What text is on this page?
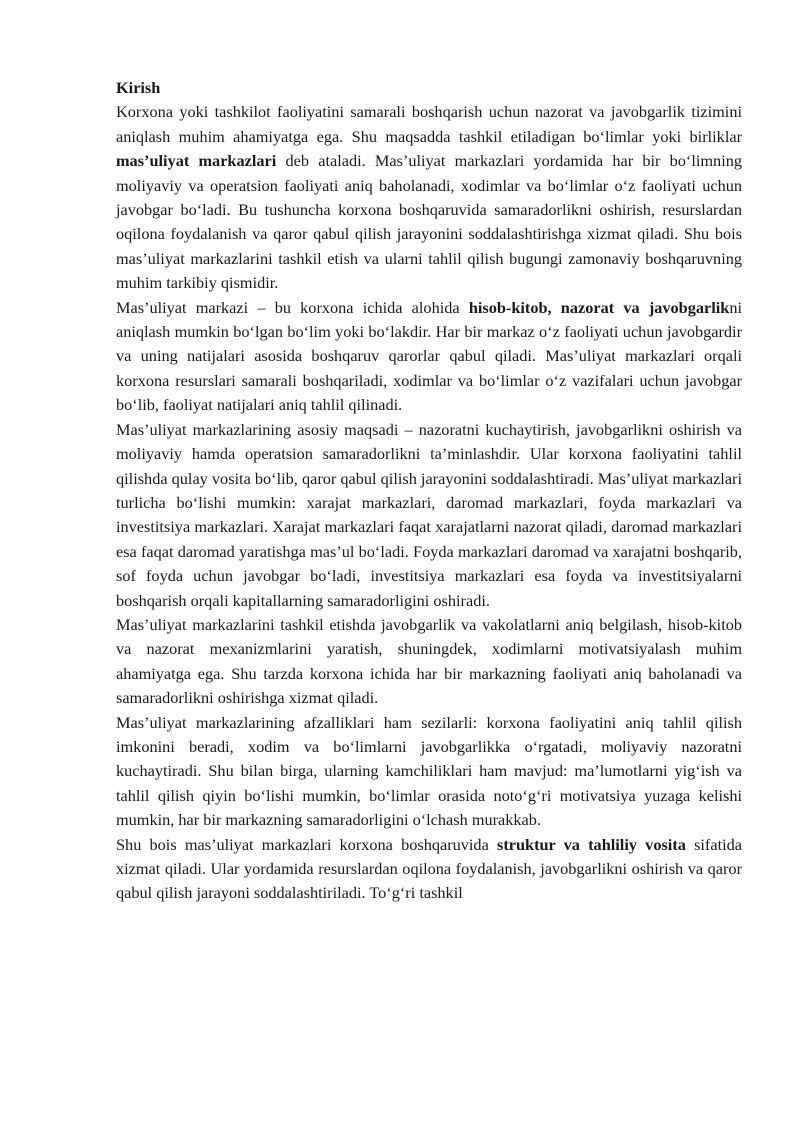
Kirish

Korxona yoki tashkilot faoliyatini samarali boshqarish uchun nazorat va javobgarlik tizimini aniqlash muhim ahamiyatga ega. Shu maqsadda tashkil etiladigan bo‘limlar yoki birliklar mas’uliyat markazlari deb ataladi. Mas’uliyat markazlari yordamida har bir bo‘limning moliyaviy va operatsion faoliyati aniq baholanadi, xodimlar va bo‘limlar o‘z faoliyati uchun javobgar bo‘ladi. Bu tushuncha korxona boshqaruvida samaradorlikni oshirish, resurslardan oqilona foydalanish va qaror qabul qilish jarayonini soddalashtirishga xizmat qiladi. Shu bois mas’uliyat markazlarini tashkil etish va ularni tahlil qilish bugungi zamonaviy boshqaruvning muhim tarkibiy qismidir.

Mas’uliyat markazi – bu korxona ichida alohida hisob-kitob, nazorat va javobgarlikni aniqlash mumkin bo‘lgan bo‘lim yoki bo‘lakdir. Har bir markaz o‘z faoliyati uchun javobgardir va uning natijalari asosida boshqaruv qarorlar qabul qiladi. Mas’uliyat markazlari orqali korxona resurslari samarali boshqariladi, xodimlar va bo‘limlar o‘z vazifalari uchun javobgar bo‘lib, faoliyat natijalari aniq tahlil qilinadi.

Mas’uliyat markazlarining asosiy maqsadi – nazoratni kuchaytirish, javobgarlikni oshirish va moliyaviy hamda operatsion samaradorlikni ta’minlashdir. Ular korxona faoliyatini tahlil qilishda qulay vosita bo‘lib, qaror qabul qilish jarayonini soddalashtiradi. Mas’uliyat markazlari turlicha bo‘lishi mumkin: xarajat markazlari, daromad markazlari, foyda markazlari va investitsiya markazlari. Xarajat markazlari faqat xarajatlarni nazorat qiladi, daromad markazlari esa faqat daromad yaratishga mas’ul bo‘ladi. Foyda markazlari daromad va xarajatni boshqarib, sof foyda uchun javobgar bo‘ladi, investitsiya markazlari esa foyda va investitsiyalarni boshqarish orqali kapitallarning samaradorligini oshiradi.

Mas’uliyat markazlarini tashkil etishda javobgarlik va vakolatlarni aniq belgilash, hisob-kitob va nazorat mexanizmlarini yaratish, shuningdek, xodimlarni motivatsiyalash muhim ahamiyatga ega. Shu tarzda korxona ichida har bir markazning faoliyati aniq baholanadi va samaradorlikni oshirishga xizmat qiladi.

Mas’uliyat markazlarining afzalliklari ham sezilarli: korxona faoliyatini aniq tahlil qilish imkonini beradi, xodim va bo‘limlarni javobgarlikka o‘rgatadi, moliyaviy nazoratni kuchaytiradi. Shu bilan birga, ularning kamchiliklari ham mavjud: ma’lumotlarni yig‘ish va tahlil qilish qiyin bo‘lishi mumkin, bo‘limlar orasida noto‘g‘ri motivatsiya yuzaga kelishi mumkin, har bir markazning samaradorligini o‘lchash murakkab.

Shu bois mas’uliyat markazlari korxona boshqaruvida struktur va tahliliy vosita sifatida xizmat qiladi. Ular yordamida resurslardan oqilona foydalanish, javobgarlikni oshirish va qaror qabul qilish jarayoni soddalashtiriladi. To‘g‘ri tashkil
